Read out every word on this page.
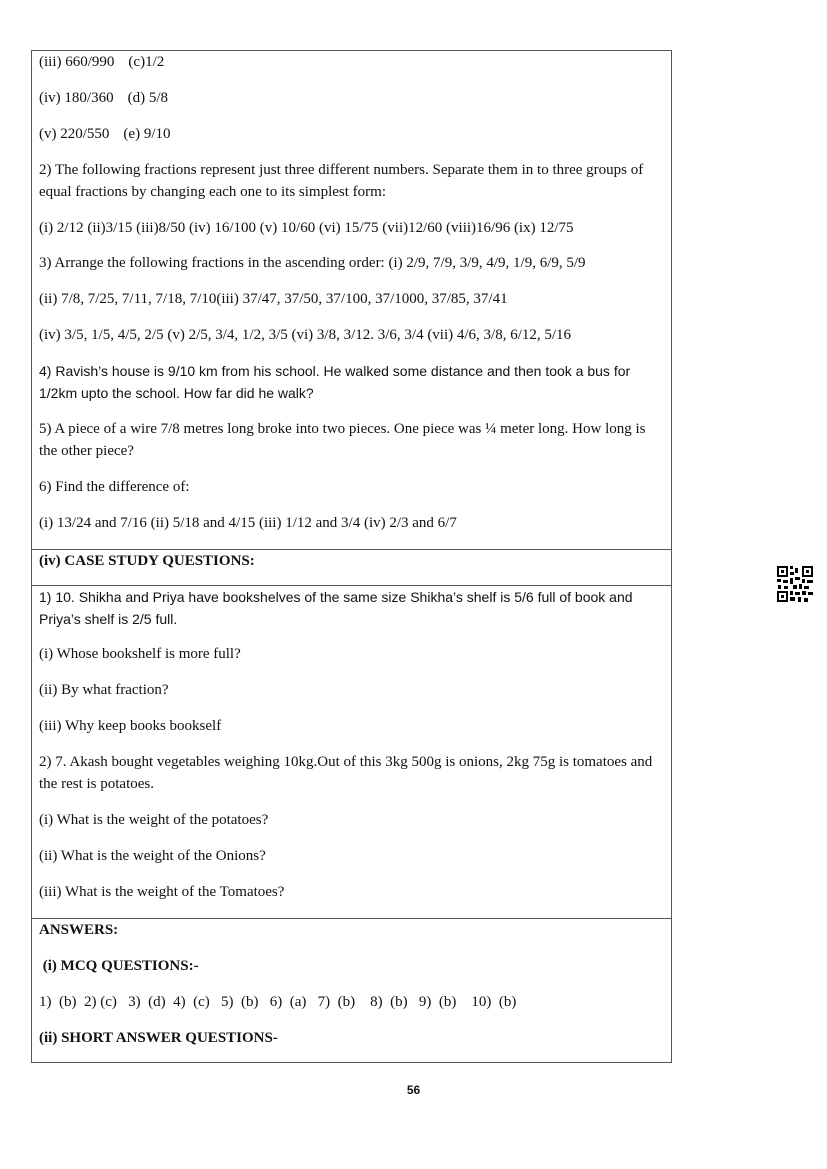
(iii) 660/990 (c)1/2

(iv) 180/360 (d) 5/8

(v) 220/550 (e) 9/10

2) The following fractions represent just three different numbers. Separate them in to three groups of equal fractions by changing each one to its simplest form:

(i) 2/12 (ii)3/15 (iii)8/50 (iv) 16/100 (v) 10/60 (vi) 15/75 (vii)12/60 (viii)16/96 (ix) 12/75

3) Arrange the following fractions in the ascending order: (i) 2/9, 7/9, 3/9, 4/9, 1/9, 6/9, 5/9

(ii) 7/8, 7/25, 7/11, 7/18, 7/10(iii) 37/47, 37/50, 37/100, 37/1000, 37/85, 37/41

(iv) 3/5, 1/5, 4/5, 2/5 (v) 2/5, 3/4, 1/2, 3/5 (vi) 3/8, 3/12. 3/6, 3/4 (vii) 4/6, 3/8, 6/12, 5/16

4) Ravish’s house is 9/10 km from his school. He walked some distance and then took a bus for 1/2km upto the school. How far did he walk?

5) A piece of a wire 7/8 metres long broke into two pieces. One piece was ¼ meter long. How long is the other piece?

6) Find the difference of:

(i) 13/24 and 7/16 (ii) 5/18 and 4/15 (iii) 1/12 and 3/4 (iv) 2/3 and 6/7

(iv) CASE STUDY QUESTIONS:

1) 10. Shikha and Priya have bookshelves of the same size Shikha’s shelf is 5/6 full of book and Priya’s shelf is 2/5 full.

(i) Whose bookshelf is more full?

(ii) By what fraction?

(iii) Why keep books bookself

2) 7. Akash bought vegetables weighing 10kg.Out of this 3kg 500g is onions, 2kg 75g is tomatoes and the rest is potatoes.

(i) What is the weight of the potatoes?

(ii) What is the weight of the Onions?

(iii) What is the weight of the Tomatoes?

ANSWERS:

(i) MCQ QUESTIONS:-

1)  (b)  2) (c)   3)  (d)  4)  (c)   5)  (b)   6)  (a)   7)  (b)    8)  (b)   9)  (b)    10)  (b)

(ii) SHORT ANSWER QUESTIONS-

56
